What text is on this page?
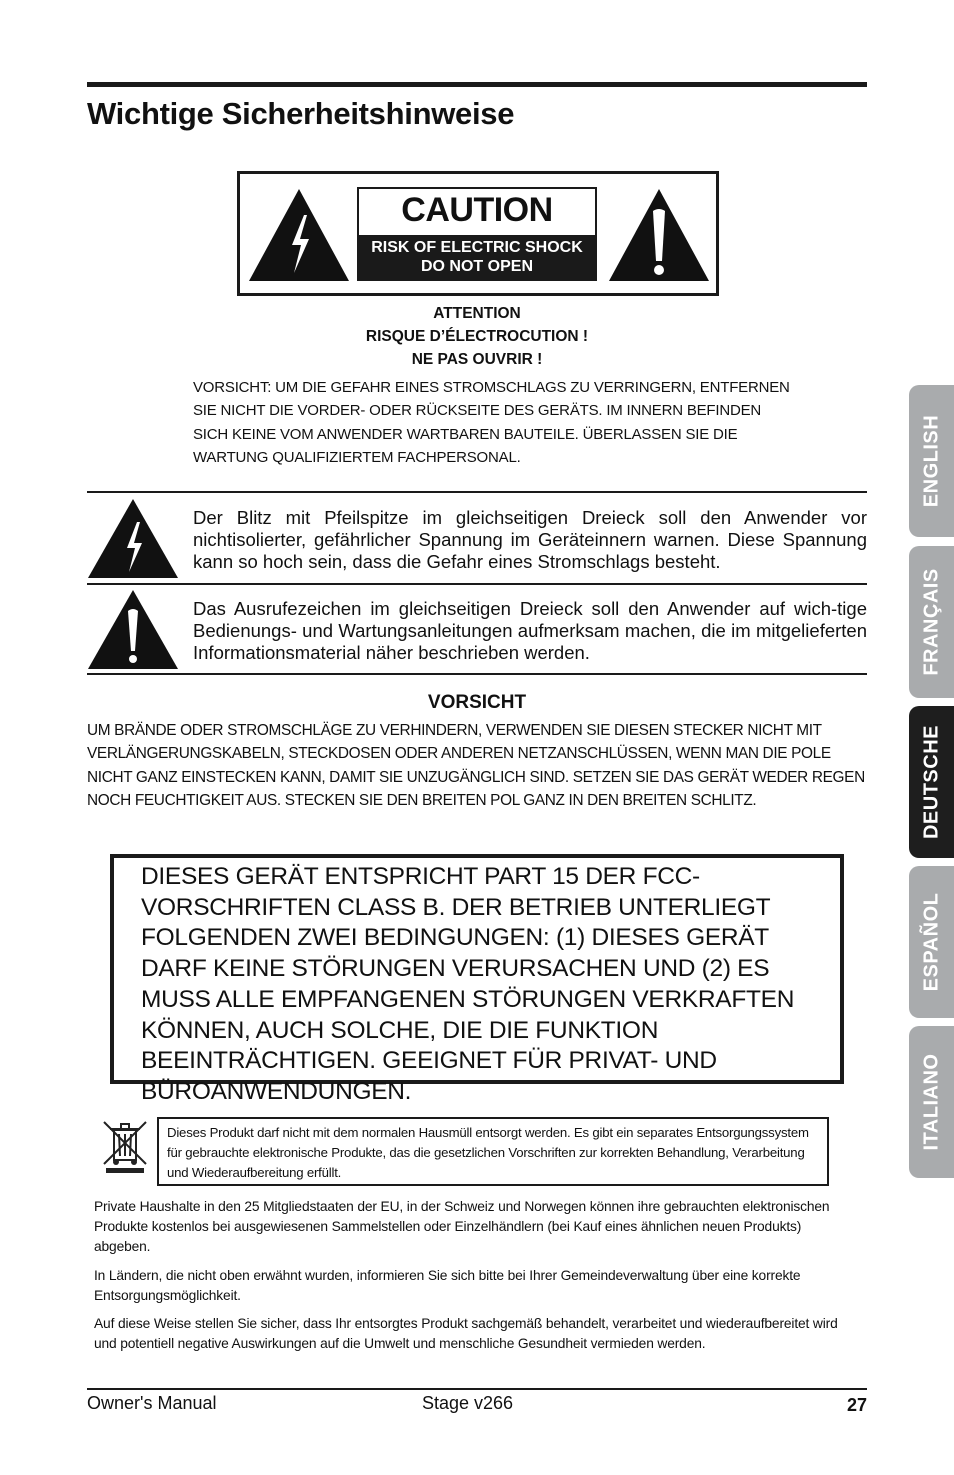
Wichtige Sicherheitshinweise
CAUTION
RISK OF ELECTRIC SHOCK
DO NOT OPEN
ATTENTION
RISQUE D’ÉLECTROCUTION !
NE PAS OUVRIR !
VORSICHT: UM DIE GEFAHR EINES STROMSCHLAGS ZU VERRINGERN, ENTFERNEN SIE NICHT DIE VORDER- ODER RÜCKSEITE DES GERÄTS. IM INNERN BEFINDEN SICH KEINE VOM ANWENDER WARTBAREN BAUTEILE. ÜBERLASSEN SIE DIE WARTUNG QUALIFIZIERTEM FACHPERSONAL.
Der Blitz mit Pfeilspitze im gleichseitigen Dreieck soll den Anwender vor nichtisolierter, gefährlicher Spannung im Geräteinnern warnen. Diese Spannung kann so hoch sein, dass die Gefahr eines Stromschlags besteht.
Das Ausrufezeichen im gleichseitigen Dreieck soll den Anwender auf wich-tige Bedienungs- und Wartungsanleitungen aufmerksam machen, die im mitgelieferten Informationsmaterial näher beschrieben werden.
VORSICHT
UM BRÄNDE ODER STROMSCHLÄGE ZU VERHINDERN, VERWENDEN SIE DIESEN STECKER NICHT MIT VERLÄNGERUNGSKABELN, STECKDOSEN ODER ANDEREN NETZANSCHLÜSSEN, WENN MAN DIE POLE NICHT GANZ EINSTECKEN KANN, DAMIT SIE UNZUGÄNGLICH SIND. SETZEN SIE DAS GERÄT WEDER REGEN NOCH FEUCHTIGKEIT AUS. STECKEN SIE DEN BREITEN POL GANZ IN DEN BREITEN SCHLITZ.
DIESES GERÄT ENTSPRICHT PART 15 DER FCC-VORSCHRIFTEN CLASS B. DER BETRIEB UNTERLIEGT FOLGENDEN ZWEI BEDINGUNGEN: (1) DIESES GERÄT DARF KEINE STÖRUNGEN VERURSACHEN UND (2) ES MUSS ALLE EMPFANGENEN STÖRUNGEN VERKRAFTEN KÖNNEN, AUCH SOLCHE, DIE DIE FUNKTION BEEINTRÄCHTIGEN. GEEIGNET FÜR PRIVAT- UND BÜROANWENDUNGEN.
Dieses Produkt darf nicht mit dem normalen Hausmüll entsorgt werden. Es gibt ein separates Entsorgungssystem für gebrauchte elektronische Produkte, das die gesetzlichen Vorschriften zur korrekten Behandlung, Verarbeitung und Wiederaufbereitung erfüllt.
Private Haushalte in den 25 Mitgliedstaaten der EU, in der Schweiz und Norwegen können ihre gebrauchten elektronischen Produkte kostenlos bei ausgewiesenen Sammelstellen oder Einzelhändlern (bei Kauf eines ähnlichen neuen Produkts) abgeben.
In Ländern, die nicht oben erwähnt wurden, informieren Sie sich bitte bei Ihrer Gemeindeverwaltung über eine korrekte Entsorgungsmöglichkeit.
Auf diese Weise stellen Sie sicher, dass Ihr entsorgtes Produkt sachgemäß behandelt, verarbeitet und wiederaufbereitet wird und potentiell negative Auswirkungen auf die Umwelt und menschliche Gesundheit vermieden werden.
Owner's Manual	Stage v266	27
ENGLISH
FRANÇAIS
DEUTSCHE
ESPAÑOL
ITALIANO
